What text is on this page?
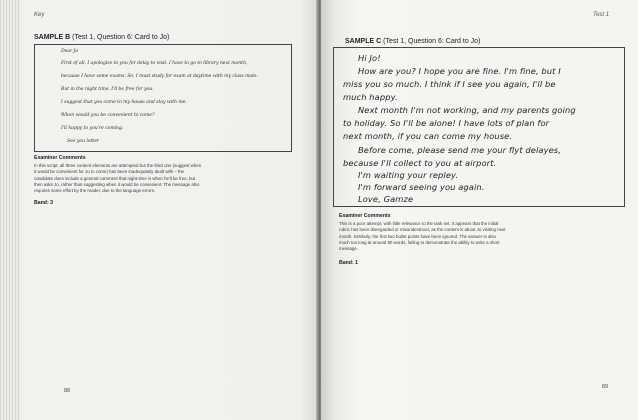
Key
SAMPLE B (Test 1, Question 6: Card to Jo)
Dear Jo
First of all, I apologize to you for delay to visit. I have to go to library next month,
because I have some exams. So, I must study for exam at daytime with my class mate.
But in the night time, I'll be free for you.
I suggest that you come to my house and stay with me.
When would you be convenient to come?
I'll happy to you're coming.
See you letter
Examiner Comments
In this script, all three content elements are attempted but the third one (suggest when
it would be convenient for Jo to come) has been inadequately dealt with – the
candidate does include a general comment that night-time is when he'll be free, but
then asks Jo, rather than suggesting when it would be convenient. The message also
requires some effort by the reader, due to the language errors.
Band: 3
88
Test 1
SAMPLE C (Test 1, Question 6: Card to Jo)
Hi Jo!
How are you? I hope you are fine. I'm fine, but I
miss you so much. I think if I see you again, I'll be
much happy.
Next month I'm not working, and my parents going
to holiday. So I'll be alone! I have lots of plan for
next month, if you can come my house.
Before come, please send me your flyt delayes,
because I'll collect to you at airport.
I'm waiting your repley.
I'm forward seeing you again.
Love, Gamze
Examiner Comments
This is a poor attempt, with little relevance to the task set. It appears that the initial
rubric has been disregarded or misunderstood, as the content is about Jo visiting next
month. Similarly, the first two bullet points have been ignored. The answer is also
much too long at around 90 words, failing to demonstrate the ability to write a short
message.
Band: 1
89
